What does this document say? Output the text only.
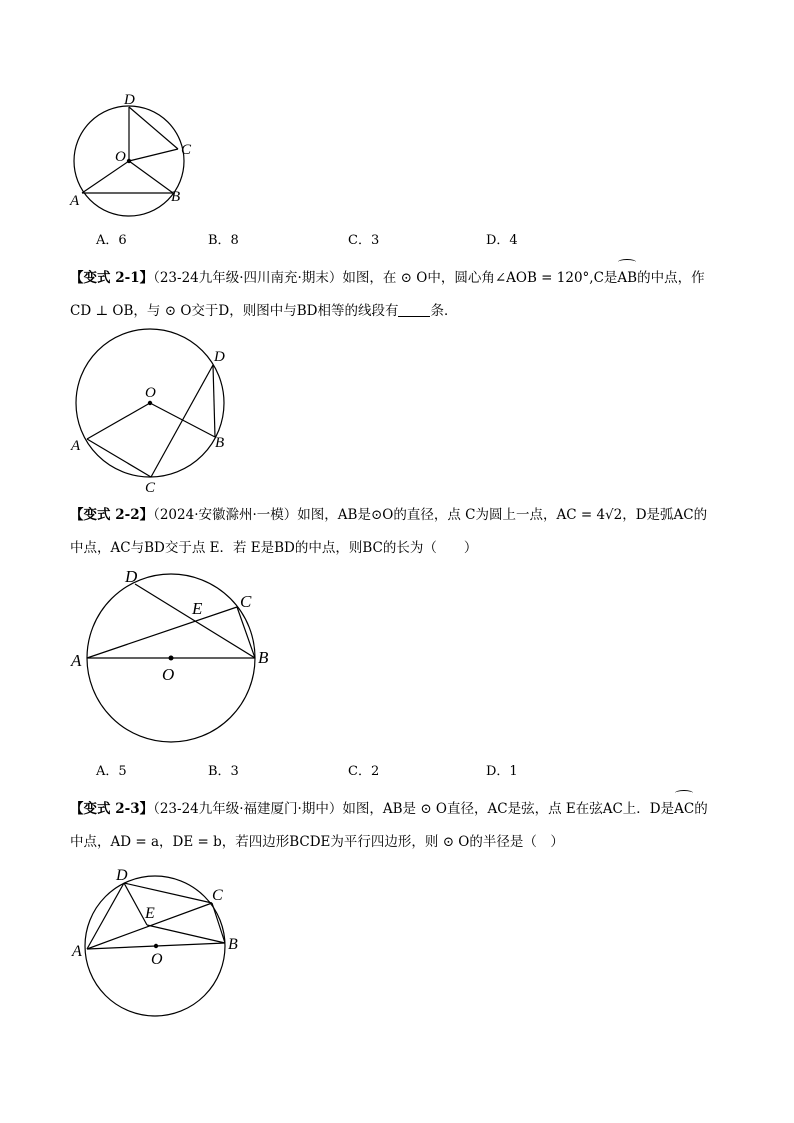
D
C
O
A	B
A．6	B．8	C．3	D．4
【变式 2-1】（23-24九年级·四川南充·期末）如图，在 ⊙ O中，圆心角∠AOB = 120°,C是AB的中点，作
CD ⊥ OB，与 ⊙ O交于D，则图中与BD相等的线段有 条．
D
O
A	B
C
【变式 2-2】（2024·安徽滁州·一模）如图，AB是⊙O的直径，点 C为圆上一点，AC = 4√2，D是弧AC的
中点，AC与BD交于点 E．若 E是BD的中点，则BC的长为（　　）
D
E C
A	B
O
A．5	B．3	C．2	D．1
【变式 2-3】（23-24九年级·福建厦门·期中）如图，AB是 ⊙ O直径，AC是弦，点 E在弦AC上．D是AC的
中点，AD = a，DE = b，若四边形BCDE为平行四边形，则 ⊙ O的半径是（　）
D
C
E
A	B
O
